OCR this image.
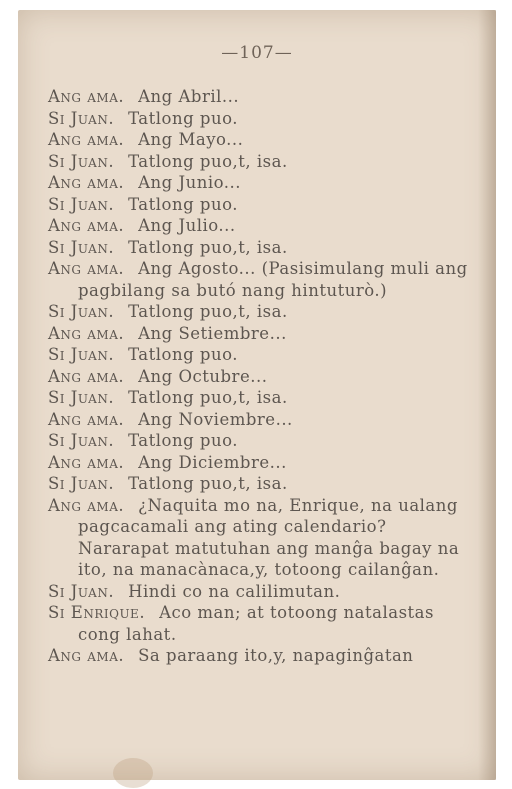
—107—

Ang ama. Ang Abril...

Si Juan. Tatlong puo.

Ang ama. Ang Mayo...

Si Juan. Tatlong puo,t, isa.

Ang ama. Ang Junio...

Si Juan. Tatlong puo.

Ang ama. Ang Julio...

Si Juan. Tatlong puo,t, isa.

Ang ama. Ang Agosto... (Pasisimulang muli ang pagbilang sa butó nang hintuturò.)

Si Juan. Tatlong puo,t, isa.

Ang ama. Ang Setiembre...

Si Juan. Tatlong puo.

Ang ama. Ang Octubre...

Si Juan. Tatlong puo,t, isa.

Ang ama. Ang Noviembre...

Si Juan. Tatlong puo.

Ang ama. Ang Diciembre...

Si Juan. Tatlong puo,t, isa.

Ang ama. ¿Naquita mo na, Enrique, na ualang pagcacamali ang ating calendario? Nararapat matutuhan ang manĝa bagay na ito, na manacànaca,y, totoong cailanĝan.

Si Juan. Hindi co na calilimutan.

Si Enrique. Aco man; at totoong natalastas cong lahat.

Ang ama. Sa paraang ito,y, napaginĝatan
